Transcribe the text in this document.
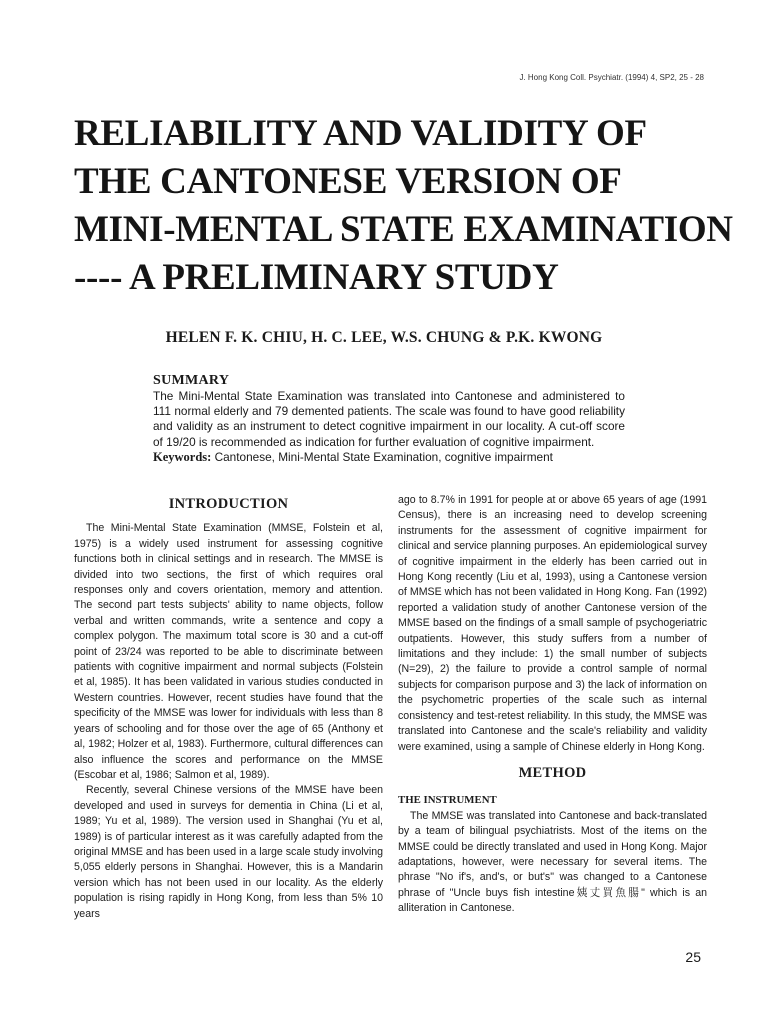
J. Hong Kong Coll. Psychiatr. (1994) 4, SP2, 25 - 28
RELIABILITY AND VALIDITY OF
THE CANTONESE VERSION OF
MINI-MENTAL STATE EXAMINATION
---- A PRELIMINARY STUDY
HELEN F. K. CHIU, H. C. LEE, W.S. CHUNG & P.K. KWONG
SUMMARY
The Mini-Mental State Examination was translated into Cantonese and administered to 111 normal elderly and 79 demented patients. The scale was found to have good reliability and validity as an instrument to detect cognitive impairment in our locality. A cut-off score of 19/20 is recommended as indication for further evaluation of cognitive impairment.
Keywords: Cantonese, Mini-Mental State Examination, cognitive impairment
INTRODUCTION

The Mini-Mental State Examination (MMSE, Folstein et al, 1975) is a widely used instrument for assessing cognitive functions both in clinical settings and in research. The MMSE is divided into two sections, the first of which requires oral responses only and covers orientation, memory and attention. The second part tests subjects' ability to name objects, follow verbal and written commands, write a sentence and copy a complex polygon. The maximum total score is 30 and a cut-off point of 23/24 was reported to be able to discriminate between patients with cognitive impairment and normal subjects (Folstein et al, 1985). It has been validated in various studies conducted in Western countries. However, recent studies have found that the specificity of the MMSE was lower for individuals with less than 8 years of schooling and for those over the age of 65 (Anthony et al, 1982; Holzer et al, 1983). Furthermore, cultural differences can also influence the scores and performance on the MMSE (Escobar et al, 1986; Salmon et al, 1989).

Recently, several Chinese versions of the MMSE have been developed and used in surveys for dementia in China (Li et al, 1989; Yu et al, 1989). The version used in Shanghai (Yu et al, 1989) is of particular interest as it was carefully adapted from the original MMSE and has been used in a large scale study involving 5,055 elderly persons in Shanghai. However, this is a Mandarin version which has not been used in our locality. As the elderly population is rising rapidly in Hong Kong, from less than 5% 10 years

ago to 8.7% in 1991 for people at or above 65 years of age (1991 Census), there is an increasing need to develop screening instruments for the assessment of cognitive impairment for clinical and service planning purposes. An epidemiological survey of cognitive impairment in the elderly has been carried out in Hong Kong recently (Liu et al, 1993), using a Cantonese version of MMSE which has not been validated in Hong Kong. Fan (1992) reported a validation study of another Cantonese version of the MMSE based on the findings of a small sample of psychogeriatric outpatients. However, this study suffers from a number of limitations and they include: 1) the small number of subjects (N=29), 2) the failure to provide a control sample of normal subjects for comparison purpose and 3) the lack of information on the psychometric properties of the scale such as internal consistency and test-retest reliability. In this study, the MMSE was translated into Cantonese and the scale's reliability and validity were examined, using a sample of Chinese elderly in Hong Kong.

METHOD
THE INSTRUMENT

The MMSE was translated into Cantonese and back-translated by a team of bilingual psychiatrists. Most of the items on the MMSE could be directly translated and used in Hong Kong. Major adaptations, however, were necessary for several items. The phrase "No if's, and's, or but's" was changed to a Cantonese phrase of "Uncle buys fish intestine姨丈買魚腸" which is an alliteration in Cantonese.

25
